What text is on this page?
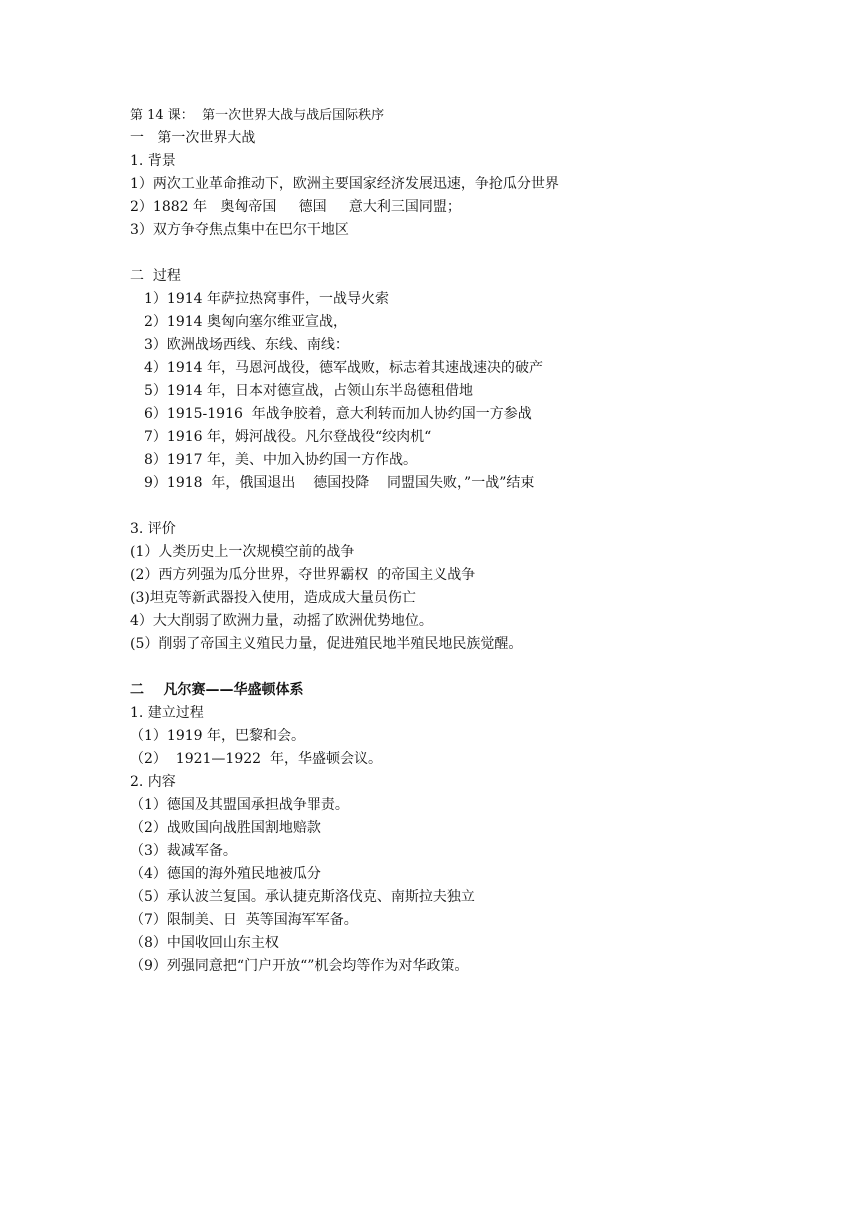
第 14 课：  第一次世界大战与战后国际秩序
一   第一次世界大战
1. 背景
1）两次工业革命推动下，欧洲主要国家经济发展迅速，争抢瓜分世界
2）1882 年   奥匈帝国     德国     意大利三国同盟；
3）双方争夺焦点集中在巴尔干地区
二  过程
1）1914 年萨拉热窝事件，一战导火索
2）1914 奥匈向塞尔维亚宣战，
3）欧洲战场西线、东线、南线：
4）1914 年，马恩河战役，德军战败，标志着其速战速决的破产
5）1914 年，日本对德宣战，占领山东半岛德租借地
6）1915-1916  年战争胶着，意大利转而加人协约国一方参战
7）1916 年，姆河战役。凡尔登战役“绞肉机“
8）1917 年，美、中加入协约国一方作战。
9）1918  年，俄国退出    德国投降    同盟国失败，”一战”结束
3. 评价
(1）人类历史上一次规模空前的战争
(2）西方列强为瓜分世界，夺世界霸权  的帝国主义战争
(3)坦克等新武器投入使用，造成成大量员伤亡
4）大大削弱了欧洲力量，动摇了欧洲优势地位。
(5）削弱了帝国主义殖民力量，促进殖民地半殖民地民族觉醒。
二    凡尔赛——华盛顿体系
1. 建立过程
（1）1919 年，巴黎和会。
（2）  1921—1922  年，华盛顿会议。
2. 内容
（1）德国及其盟国承担战争罪责。
（2）战败国向战胜国割地赔款
（3）裁减军备。
（4）德国的海外殖民地被瓜分
（5）承认波兰复国。承认捷克斯洛伐克、南斯拉夫独立
（7）限制美、日  英等国海军军备。
（8）中国收回山东主权
（9）列强同意把“门户开放“”机会均等作为对华政策。
